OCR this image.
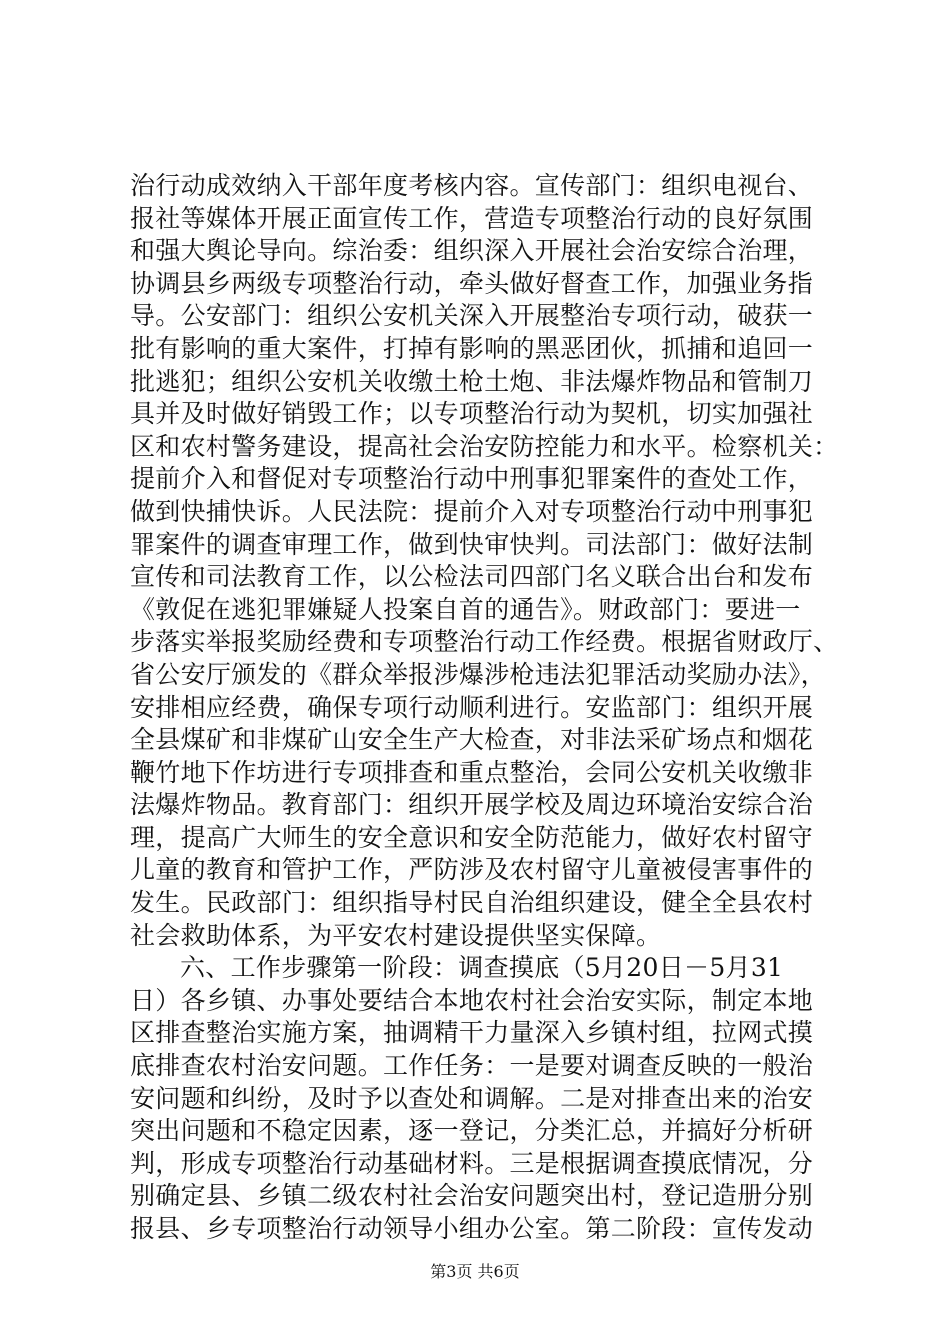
治行动成效纳入干部年度考核内容。宣传部门：组织电视台、
报社等媒体开展正面宣传工作，营造专项整治行动的良好氛围
和强大舆论导向。综治委：组织深入开展社会治安综合治理，
协调县乡两级专项整治行动，牵头做好督查工作，加强业务指
导。公安部门：组织公安机关深入开展整治专项行动，破获一
批有影响的重大案件，打掉有影响的黑恶团伙，抓捕和追回一
批逃犯；组织公安机关收缴土枪土炮、非法爆炸物品和管制刀
具并及时做好销毁工作；以专项整治行动为契机，切实加强社
区和农村警务建设，提高社会治安防控能力和水平。检察机关：
提前介入和督促对专项整治行动中刑事犯罪案件的查处工作，
做到快捕快诉。人民法院：提前介入对专项整治行动中刑事犯
罪案件的调查审理工作，做到快审快判。司法部门：做好法制
宣传和司法教育工作，以公检法司四部门名义联合出台和发布
《敦促在逃犯罪嫌疑人投案自首的通告》。财政部门：要进一
步落实举报奖励经费和专项整治行动工作经费。根据省财政厅、
省公安厅颁发的《群众举报涉爆涉枪违法犯罪活动奖励办法》，
安排相应经费，确保专项行动顺利进行。安监部门：组织开展
全县煤矿和非煤矿山安全生产大检查，对非法采矿场点和烟花
鞭竹地下作坊进行专项排查和重点整治，会同公安机关收缴非
法爆炸物品。教育部门：组织开展学校及周边环境治安综合治
理，提高广大师生的安全意识和安全防范能力，做好农村留守
儿童的教育和管护工作，严防涉及农村留守儿童被侵害事件的
发生。民政部门：组织指导村民自治组织建设，健全全县农村
社会救助体系，为平安农村建设提供坚实保障。
六、工作步骤第一阶段：调查摸底（5月20日－5月31
日）各乡镇、办事处要结合本地农村社会治安实际，制定本地
区排查整治实施方案，抽调精干力量深入乡镇村组，拉网式摸
底排查农村治安问题。工作任务：一是要对调查反映的一般治
安问题和纠纷，及时予以查处和调解。二是对排查出来的治安
突出问题和不稳定因素，逐一登记，分类汇总，并搞好分析研
判，形成专项整治行动基础材料。三是根据调查摸底情况，分
别确定县、乡镇二级农村社会治安问题突出村，登记造册分别
报县、乡专项整治行动领导小组办公室。第二阶段：宣传发动
第3页 共6页
